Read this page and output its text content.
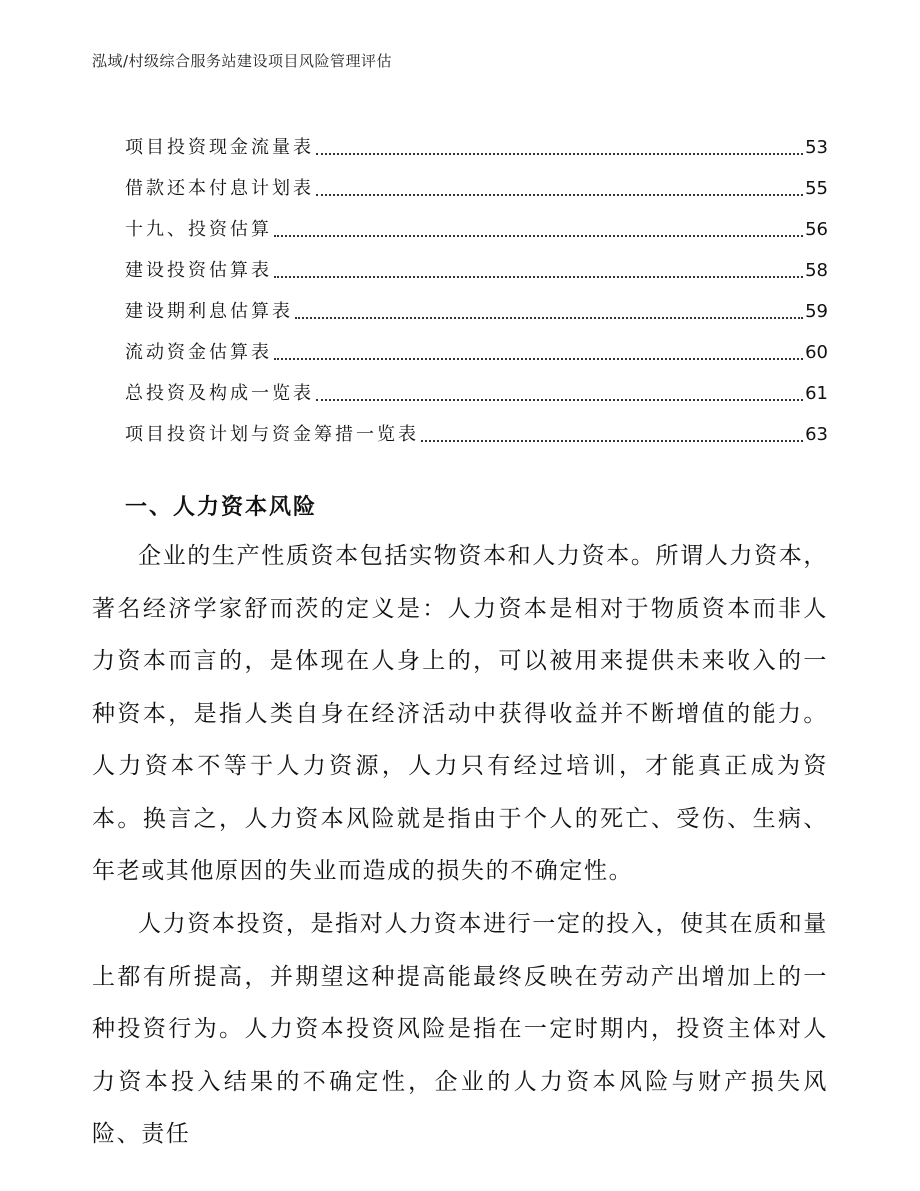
泓域/村级综合服务站建设项目风险管理评估
项目投资现金流量表	53
借款还本付息计划表	55
十九、投资估算	56
建设投资估算表	58
建设期利息估算表	59
流动资金估算表	60
总投资及构成一览表	61
项目投资计划与资金筹措一览表	63
一、人力资本风险

企业的生产性质资本包括实物资本和人力资本。所谓人力资本，著名经济学家舒而茨的定义是：人力资本是相对于物质资本而非人力资本而言的，是体现在人身上的，可以被用来提供未来收入的一种资本，是指人类自身在经济活动中获得收益并不断增值的能力。人力资本不等于人力资源，人力只有经过培训，才能真正成为资本。换言之，人力资本风险就是指由于个人的死亡、受伤、生病、年老或其他原因的失业而造成的损失的不确定性。

人力资本投资，是指对人力资本进行一定的投入，使其在质和量上都有所提高，并期望这种提高能最终反映在劳动产出增加上的一种投资行为。人力资本投资风险是指在一定时期内，投资主体对人力资本投入结果的不确定性，企业的人力资本风险与财产损失风险、责任
